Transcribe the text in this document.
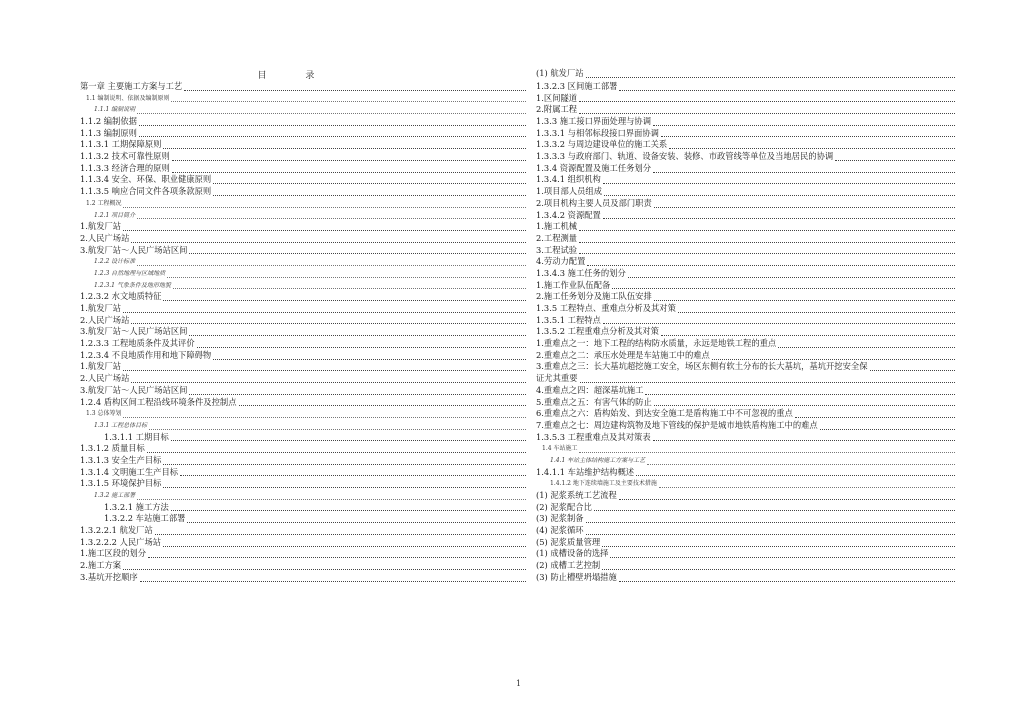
目 录	(1) 航发厂站
第一章 主要施工方案与工艺
1.1 编制说明、依据及编制原则
1.1.1 编制说明
1.1.2 编制依据
1.1.3 编制原则
1.1.3.1 工期保障原则
1.1.3.2 技术可靠性原则
1.1.3.3 经济合理的原则
1.1.3.4 安全、环保、职业健康原则
1.1.3.5 响应合同文件各项条款原则
1.2 工程概况
1.2.1 项目简介
1.航发厂站
2.人民广场站
3.航发厂站～人民广场站区间
1.2.2 设计标准
1.2.3 自然地理与区域地质
1.2.3.1 气象条件及地形地貌
1.2.3.2 水文地质特征
1.航发厂站
2.人民广场站
3.航发厂站～人民广场站区间
1.2.3.3 工程地质条件及其评价
1.2.3.4 不良地质作用和地下障碍物
1.航发厂站
2.人民广场站
3.航发厂站～人民广场站区间
1.2.4 盾构区间工程沿线环境条件及控制点
1.3 总体筹划
1.3.1 工程总体目标
1.3.1.1 工期目标
1.3.1.2 质量目标
1.3.1.3 安全生产目标
1.3.1.4 文明施工生产目标
1.3.1.5 环境保护目标
1.3.2 施工部署
1.3.2.1 施工方法
1.3.2.2 车站施工部署
1.3.2.2.1 航发厂站
1.3.2.2.2 人民广场站
1.施工区段的划分
2.施工方案
3.基坑开挖顺序
1.3.2.3 区间施工部署
1.区间隧道
2.附属工程
1.3.3 施工接口界面处理与协调
1.3.3.1 与相邻标段接口界面协调
1.3.3.2 与周边建设单位的施工关系
1.3.3.3 与政府部门、轨道、设备安装、装修、市政管线等单位及当地居民的协调
1.3.4 资源配置及施工任务划分
1.3.4.1 组织机构
1.项目部人员组成
2.项目机构主要人员及部门职责
1.3.4.2 资源配置
1.施工机械
2.工程测量
3.工程试验
4.劳动力配置
1.3.4.3 施工任务的划分
1.施工作业队伍配备
2.施工任务划分及施工队伍安排
1.3.5 工程特点、重难点分析及其对策
1.3.5.1 工程特点
1.3.5.2 工程重难点分析及其对策
1.重难点之一：地下工程的结构防水质量，永远是地铁工程的重点
2.重难点之二：承压水处理是车站施工中的难点
3.重难点之三：长大基坑超挖施工安全，场区东侧有软土分布的长大基坑，基坑开挖安全保
证尤其重要
4.重难点之四：超深基坑施工
5.重难点之五：有害气体的防止
6.重难点之六：盾构始发、到达安全施工是盾构施工中不可忽视的重点
7.重难点之七：周边建构筑物及地下管线的保护是城市地铁盾构施工中的难点
1.3.5.3 工程重难点及其对策表
1.4 车站施工
1.4.1 车站主体结构施工方案与工艺
1.4.1.1 车站维护结构概述
1.4.1.2 地下连续墙施工及主要技术措施
(1) 泥浆系统工艺流程
(2) 泥浆配合比
(3) 泥浆制备
(4) 泥浆循环
(5) 泥浆质量管理
(1) 成槽设备的选择
(2) 成槽工艺控制
(3) 防止槽壁坍塌措施
1
